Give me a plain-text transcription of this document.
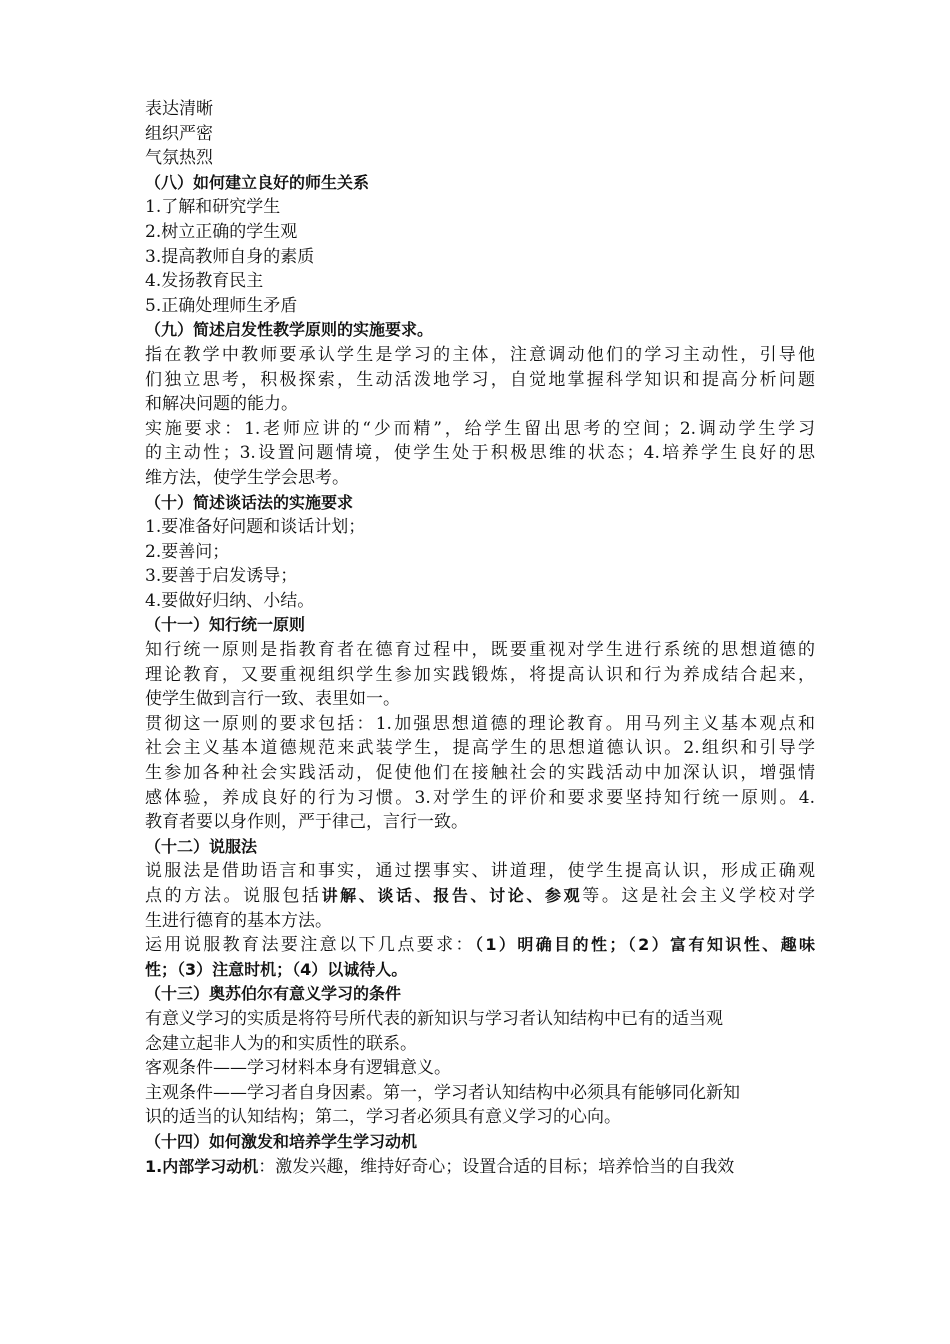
表达清晰
组织严密
气氛热烈
（八）如何建立良好的师生关系
1.了解和研究学生
2.树立正确的学生观
3.提高教师自身的素质
4.发扬教育民主
5.正确处理师生矛盾
（九）简述启发性教学原则的实施要求。
指在教学中教师要承认学生是学习的主体，注意调动他们的学习主动性，引导他
们独立思考，积极探索，生动活泼地学习，自觉地掌握科学知识和提高分析问题
和解决问题的能力。
实施要求：1.老师应讲的“少而精”，给学生留出思考的空间；2.调动学生学习
的主动性；3.设置问题情境，使学生处于积极思维的状态；4.培养学生良好的思
维方法，使学生学会思考。
（十）简述谈话法的实施要求
1.要准备好问题和谈话计划；
2.要善问；
3.要善于启发诱导；
4.要做好归纳、小结。
（十一）知行统一原则
知行统一原则是指教育者在德育过程中，既要重视对学生进行系统的思想道德的
理论教育，又要重视组织学生参加实践锻炼，将提高认识和行为养成结合起来，
使学生做到言行一致、表里如一。
贯彻这一原则的要求包括：1.加强思想道德的理论教育。用马列主义基本观点和
社会主义基本道德规范来武装学生，提高学生的思想道德认识。2.组织和引导学
生参加各种社会实践活动，促使他们在接触社会的实践活动中加深认识，增强情
感体验，养成良好的行为习惯。3.对学生的评价和要求要坚持知行统一原则。4.
教育者要以身作则，严于律己，言行一致。
（十二）说服法
说服法是借助语言和事实，通过摆事实、讲道理，使学生提高认识，形成正确观
点的方法。说服包括讲解、谈话、报告、讨论、参观等。这是社会主义学校对学
生进行德育的基本方法。
运用说服教育法要注意以下几点要求：（1）明确目的性；（2）富有知识性、趣味
性；（3）注意时机；（4）以诚待人。
（十三）奥苏伯尔有意义学习的条件
有意义学习的实质是将符号所代表的新知识与学习者认知结构中已有的适当观
念建立起非人为的和实质性的联系。
客观条件——学习材料本身有逻辑意义。
主观条件——学习者自身因素。第一，学习者认知结构中必须具有能够同化新知
识的适当的认知结构；第二，学习者必须具有意义学习的心向。
（十四）如何激发和培养学生学习动机
1.内部学习动机：激发兴趣，维持好奇心；设置合适的目标；培养恰当的自我效
